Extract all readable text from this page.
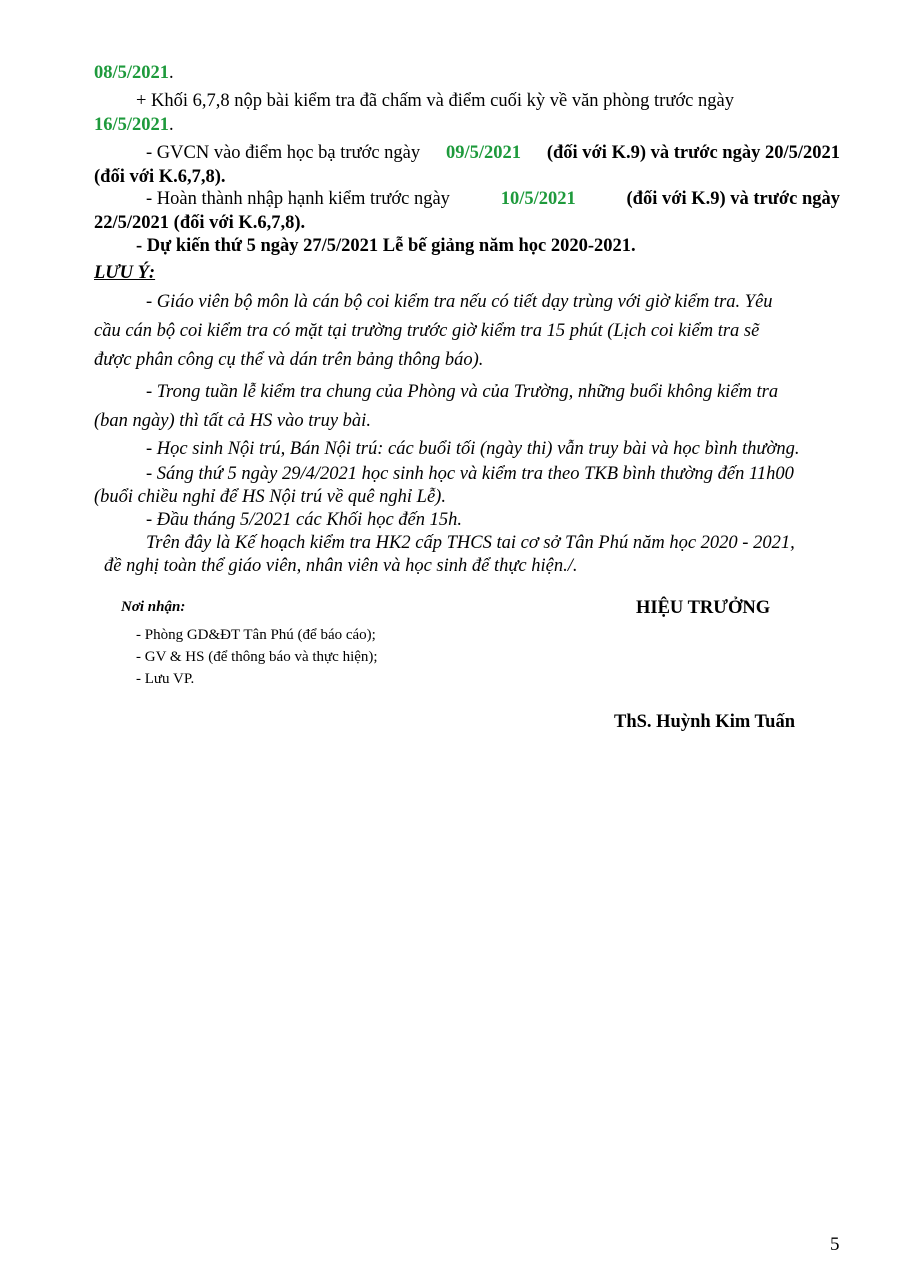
08/5/2021.
+ Khối 6,7,8 nộp bài kiểm tra đã chấm và điểm cuối kỳ về văn phòng trước ngày
16/5/2021.
- GVCN vào điểm học bạ trước ngày 09/5/2021 (đối với K.9) và trước ngày 20/5/2021
(đối với K.6,7,8).
- Hoàn thành nhập hạnh kiểm trước ngày	10/5/2021	(đối với K.9) và trước ngày
22/5/2021 (đối với K.6,7,8).
- Dự kiến thứ 5 ngày 27/5/2021 Lễ bế giảng năm học 2020-2021.
LƯU Ý:
- Giáo viên bộ môn là cán bộ coi kiểm tra nếu có tiết dạy trùng với giờ kiểm tra. Yêu
cầu cán bộ coi kiểm tra có mặt tại trường trước giờ kiểm tra 15 phút (Lịch coi kiểm tra sẽ
được phân công cụ thể và dán trên bảng thông báo).
- Trong tuần lễ kiểm tra chung của Phòng và của Trường, những buổi không kiểm tra
(ban ngày) thì tất cả HS vào truy bài.
- Học sinh Nội trú, Bán Nội trú: các buổi tối (ngày thi) vẫn truy bài và học bình thường.
- Sáng thứ 5 ngày 29/4/2021 học sinh học và kiểm tra theo TKB bình thường đến 11h00
(buổi chiều nghỉ để HS Nội trú về quê nghỉ Lễ).
- Đầu tháng 5/2021 các Khối học đến 15h.
Trên đây là Kế hoạch kiểm tra HK2 cấp THCS tai cơ sở Tân Phú năm học 2020 - 2021,
đề nghị toàn thể giáo viên, nhân viên và học sinh để thực hiện./.
Nơi nhận:
- Phòng GD&ĐT Tân Phú (để báo cáo);
- GV & HS (để thông báo và thực hiện);
- Lưu VP.
HIỆU TRƯỞNG
ThS. Huỳnh Kim Tuấn
5
